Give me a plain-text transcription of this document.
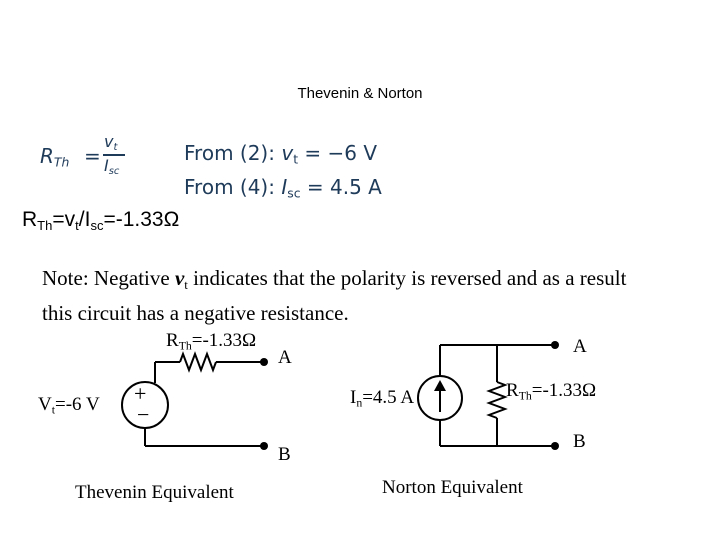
Thevenin & Norton
$R_{Th}$ =
$v_t$
$I_{sc}$
From (2): $v_t = -6$ V
From (4): $I_{sc} = 4.5$ A
$R_{Th}=v_t/I_{sc}=-1.33\Omega$
Note: Negative $v_t$ indicates that the polarity is reversed and as a result this circuit has a negative resistance.
$R_{Th}=-1.33\Omega$
A
B
$V_t=-6$ V +
−
Thevenin Equivalent
$I_n=4.5$ A	$R_{Th}=-1.33\Omega$
A
B
Norton Equivalent
